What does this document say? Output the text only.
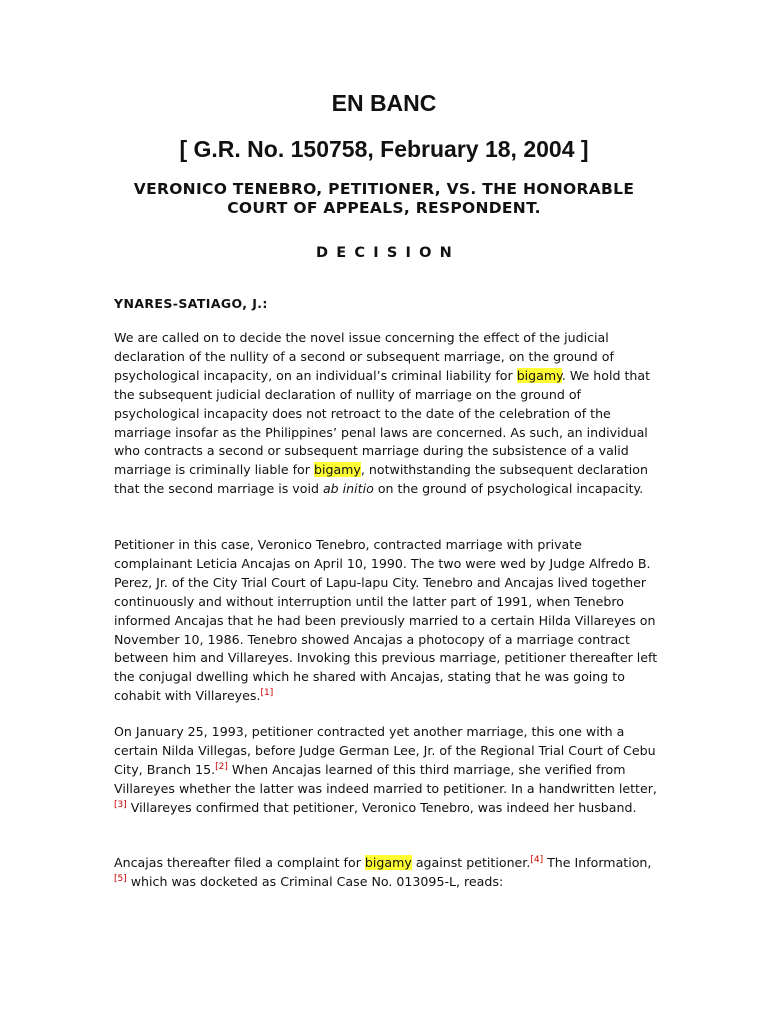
EN BANC
[ G.R. No. 150758, February 18, 2004 ]
VERONICO TENEBRO, PETITIONER, VS. THE HONORABLE
COURT OF APPEALS, RESPONDENT.
DECISION

YNARES-SATIAGO, J.:

We are called on to decide the novel issue concerning the effect of the judicial declaration of the nullity of a second or subsequent marriage, on the ground of psychological incapacity, on an individual’s criminal liability for bigamy. We hold that the subsequent judicial declaration of nullity of marriage on the ground of psychological incapacity does not retroact to the date of the celebration of the marriage insofar as the Philippines’ penal laws are concerned. As such, an individual who contracts a second or subsequent marriage during the subsistence of a valid marriage is criminally liable for bigamy, notwithstanding the subsequent declaration that the second marriage is void ab initio on the ground of psychological incapacity.

Petitioner in this case, Veronico Tenebro, contracted marriage with private complainant Leticia Ancajas on April 10, 1990. The two were wed by Judge Alfredo B. Perez, Jr. of the City Trial Court of Lapu-lapu City. Tenebro and Ancajas lived together continuously and without interruption until the latter part of 1991, when Tenebro informed Ancajas that he had been previously married to a certain Hilda Villareyes on November 10, 1986. Tenebro showed Ancajas a photocopy of a marriage contract between him and Villareyes. Invoking this previous marriage, petitioner thereafter left the conjugal dwelling which he shared with Ancajas, stating that he was going to cohabit with Villareyes.[1]

On January 25, 1993, petitioner contracted yet another marriage, this one with a certain Nilda Villegas, before Judge German Lee, Jr. of the Regional Trial Court of Cebu City, Branch 15.[2] When Ancajas learned of this third marriage, she verified from Villareyes whether the latter was indeed married to petitioner. In a handwritten letter,[3] Villareyes confirmed that petitioner, Veronico Tenebro, was indeed her husband.

Ancajas thereafter filed a complaint for bigamy against petitioner.[4] The Information,[5] which was docketed as Criminal Case No. 013095-L, reads:
